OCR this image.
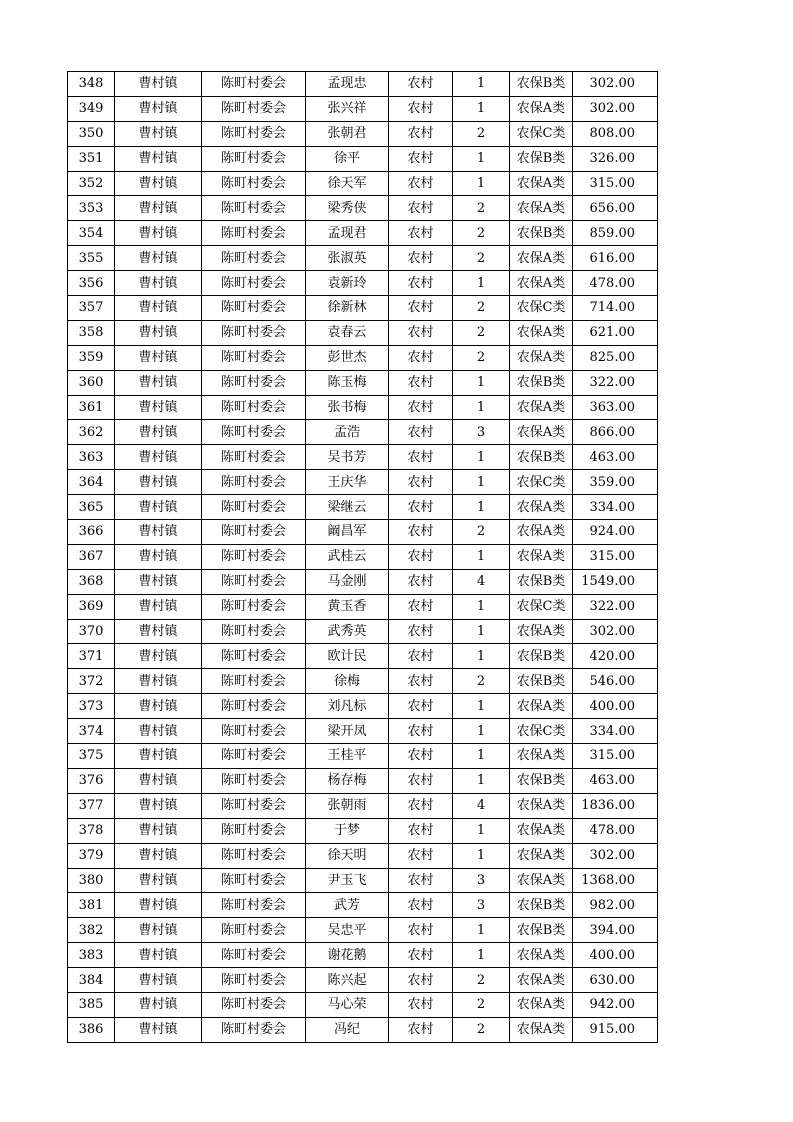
348	曹村镇	陈町村委会	孟现忠	农村	1	农保B类	302.00
349	曹村镇	陈町村委会	张兴祥	农村	1	农保A类	302.00
350	曹村镇	陈町村委会	张朝君	农村	2	农保C类	808.00
351	曹村镇	陈町村委会	徐平	农村	1	农保B类	326.00
352	曹村镇	陈町村委会	徐天军	农村	1	农保A类	315.00
353	曹村镇	陈町村委会	梁秀侠	农村	2	农保A类	656.00
354	曹村镇	陈町村委会	孟现君	农村	2	农保B类	859.00
355	曹村镇	陈町村委会	张淑英	农村	2	农保A类	616.00
356	曹村镇	陈町村委会	袁新玲	农村	1	农保A类	478.00
357	曹村镇	陈町村委会	徐新林	农村	2	农保C类	714.00
358	曹村镇	陈町村委会	袁春云	农村	2	农保A类	621.00
359	曹村镇	陈町村委会	彭世杰	农村	2	农保A类	825.00
360	曹村镇	陈町村委会	陈玉梅	农村	1	农保B类	322.00
361	曹村镇	陈町村委会	张书梅	农村	1	农保A类	363.00
362	曹村镇	陈町村委会	孟浩	农村	3	农保A类	866.00
363	曹村镇	陈町村委会	吴书芳	农村	1	农保B类	463.00
364	曹村镇	陈町村委会	王庆华	农村	1	农保C类	359.00
365	曹村镇	陈町村委会	梁继云	农村	1	农保A类	334.00
366	曹村镇	陈町村委会	阚昌军	农村	2	农保A类	924.00
367	曹村镇	陈町村委会	武桂云	农村	1	农保A类	315.00
368	曹村镇	陈町村委会	马金刚	农村	4	农保B类	1549.00
369	曹村镇	陈町村委会	黄玉香	农村	1	农保C类	322.00
370	曹村镇	陈町村委会	武秀英	农村	1	农保A类	302.00
371	曹村镇	陈町村委会	欧计民	农村	1	农保B类	420.00
372	曹村镇	陈町村委会	徐梅	农村	2	农保B类	546.00
373	曹村镇	陈町村委会	刘凡标	农村	1	农保A类	400.00
374	曹村镇	陈町村委会	梁开凤	农村	1	农保C类	334.00
375	曹村镇	陈町村委会	王桂平	农村	1	农保A类	315.00
376	曹村镇	陈町村委会	杨存梅	农村	1	农保B类	463.00
377	曹村镇	陈町村委会	张朝雨	农村	4	农保A类	1836.00
378	曹村镇	陈町村委会	于梦	农村	1	农保A类	478.00
379	曹村镇	陈町村委会	徐天明	农村	1	农保A类	302.00
380	曹村镇	陈町村委会	尹玉飞	农村	3	农保A类	1368.00
381	曹村镇	陈町村委会	武芳	农村	3	农保B类	982.00
382	曹村镇	陈町村委会	吴忠平	农村	1	农保B类	394.00
383	曹村镇	陈町村委会	谢花鹅	农村	1	农保A类	400.00
384	曹村镇	陈町村委会	陈兴起	农村	2	农保A类	630.00
385	曹村镇	陈町村委会	马心荣	农村	2	农保A类	942.00
386	曹村镇	陈町村委会	冯纪	农村	2	农保A类	915.00
